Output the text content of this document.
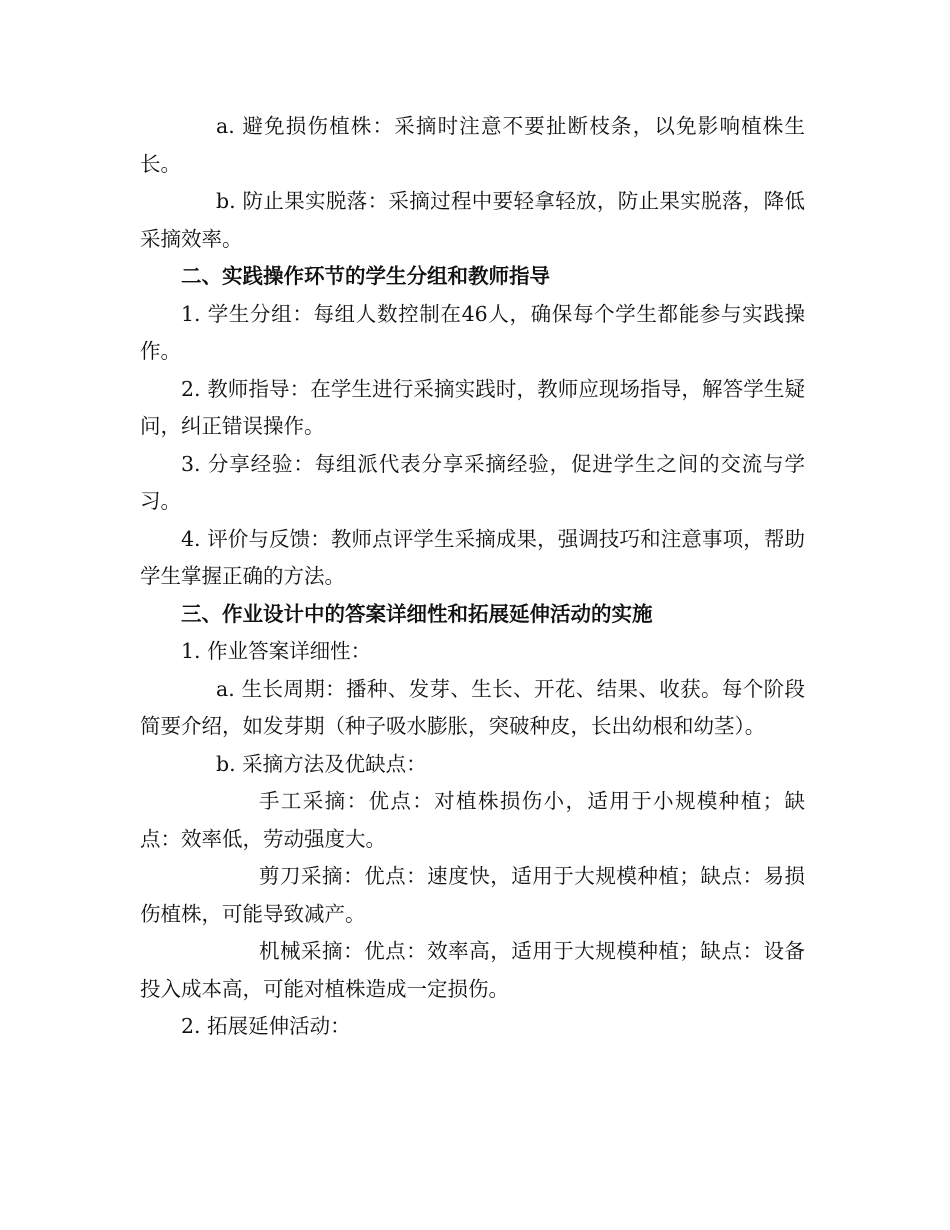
a. 避免损伤植株：采摘时注意不要扯断枝条，以免影响植株生长。

b. 防止果实脱落：采摘过程中要轻拿轻放，防止果实脱落，降低采摘效率。

二、实践操作环节的学生分组和教师指导

1. 学生分组：每组人数控制在46人，确保每个学生都能参与实践操作。

2. 教师指导：在学生进行采摘实践时，教师应现场指导，解答学生疑问，纠正错误操作。

3. 分享经验：每组派代表分享采摘经验，促进学生之间的交流与学习。

4. 评价与反馈：教师点评学生采摘成果，强调技巧和注意事项，帮助学生掌握正确的方法。

三、作业设计中的答案详细性和拓展延伸活动的实施

1. 作业答案详细性：

a. 生长周期：播种、发芽、生长、开花、结果、收获。每个阶段简要介绍，如发芽期（种子吸水膨胀，突破种皮，长出幼根和幼茎）。

b. 采摘方法及优缺点：

手工采摘：优点：对植株损伤小，适用于小规模种植；缺点：效率低，劳动强度大。

剪刀采摘：优点：速度快，适用于大规模种植；缺点：易损伤植株，可能导致减产。

机械采摘：优点：效率高，适用于大规模种植；缺点：设备投入成本高，可能对植株造成一定损伤。

2. 拓展延伸活动：
